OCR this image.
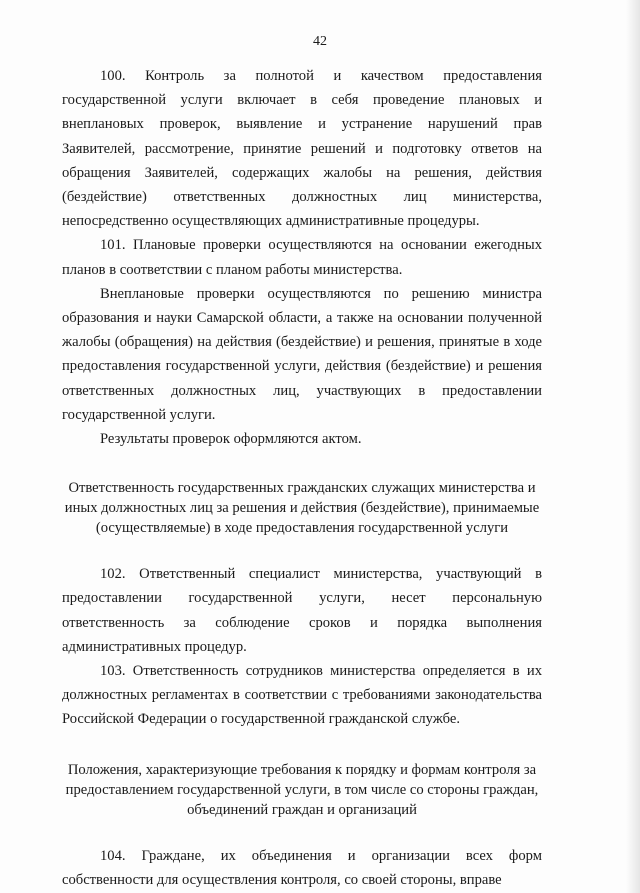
42

100. Контроль за полнотой и качеством предоставления государственной услуги включает в себя проведение плановых и внеплановых проверок, выявление и устранение нарушений прав Заявителей, рассмотрение, принятие решений и подготовку ответов на обращения Заявителей, содержащих жалобы на решения, действия (бездействие) ответственных должностных лиц министерства, непосредственно осуществляющих административные процедуры.

101. Плановые проверки осуществляются на основании ежегодных планов в соответствии с планом работы министерства.

Внеплановые проверки осуществляются по решению министра образования и науки Самарской области, а также на основании полученной жалобы (обращения) на действия (бездействие) и решения, принятые в ходе предоставления государственной услуги, действия (бездействие) и решения ответственных должностных лиц, участвующих в предоставлении государственной услуги.

Результаты проверок оформляются актом.

Ответственность государственных гражданских служащих министерства и иных должностных лиц за решения и действия (бездействие), принимаемые (осуществляемые) в ходе предоставления государственной услуги

102. Ответственный специалист министерства, участвующий в предоставлении государственной услуги, несет персональную ответственность за соблюдение сроков и порядка выполнения административных процедур.

103. Ответственность сотрудников министерства определяется в их должностных регламентах в соответствии с требованиями законодательства Российской Федерации о государственной гражданской службе.

Положения, характеризующие требования к порядку и формам контроля за предоставлением государственной услуги, в том числе со стороны граждан, объединений граждан и организаций

104. Граждане, их объединения и организации всех форм собственности для осуществления контроля, со своей стороны, вправе
